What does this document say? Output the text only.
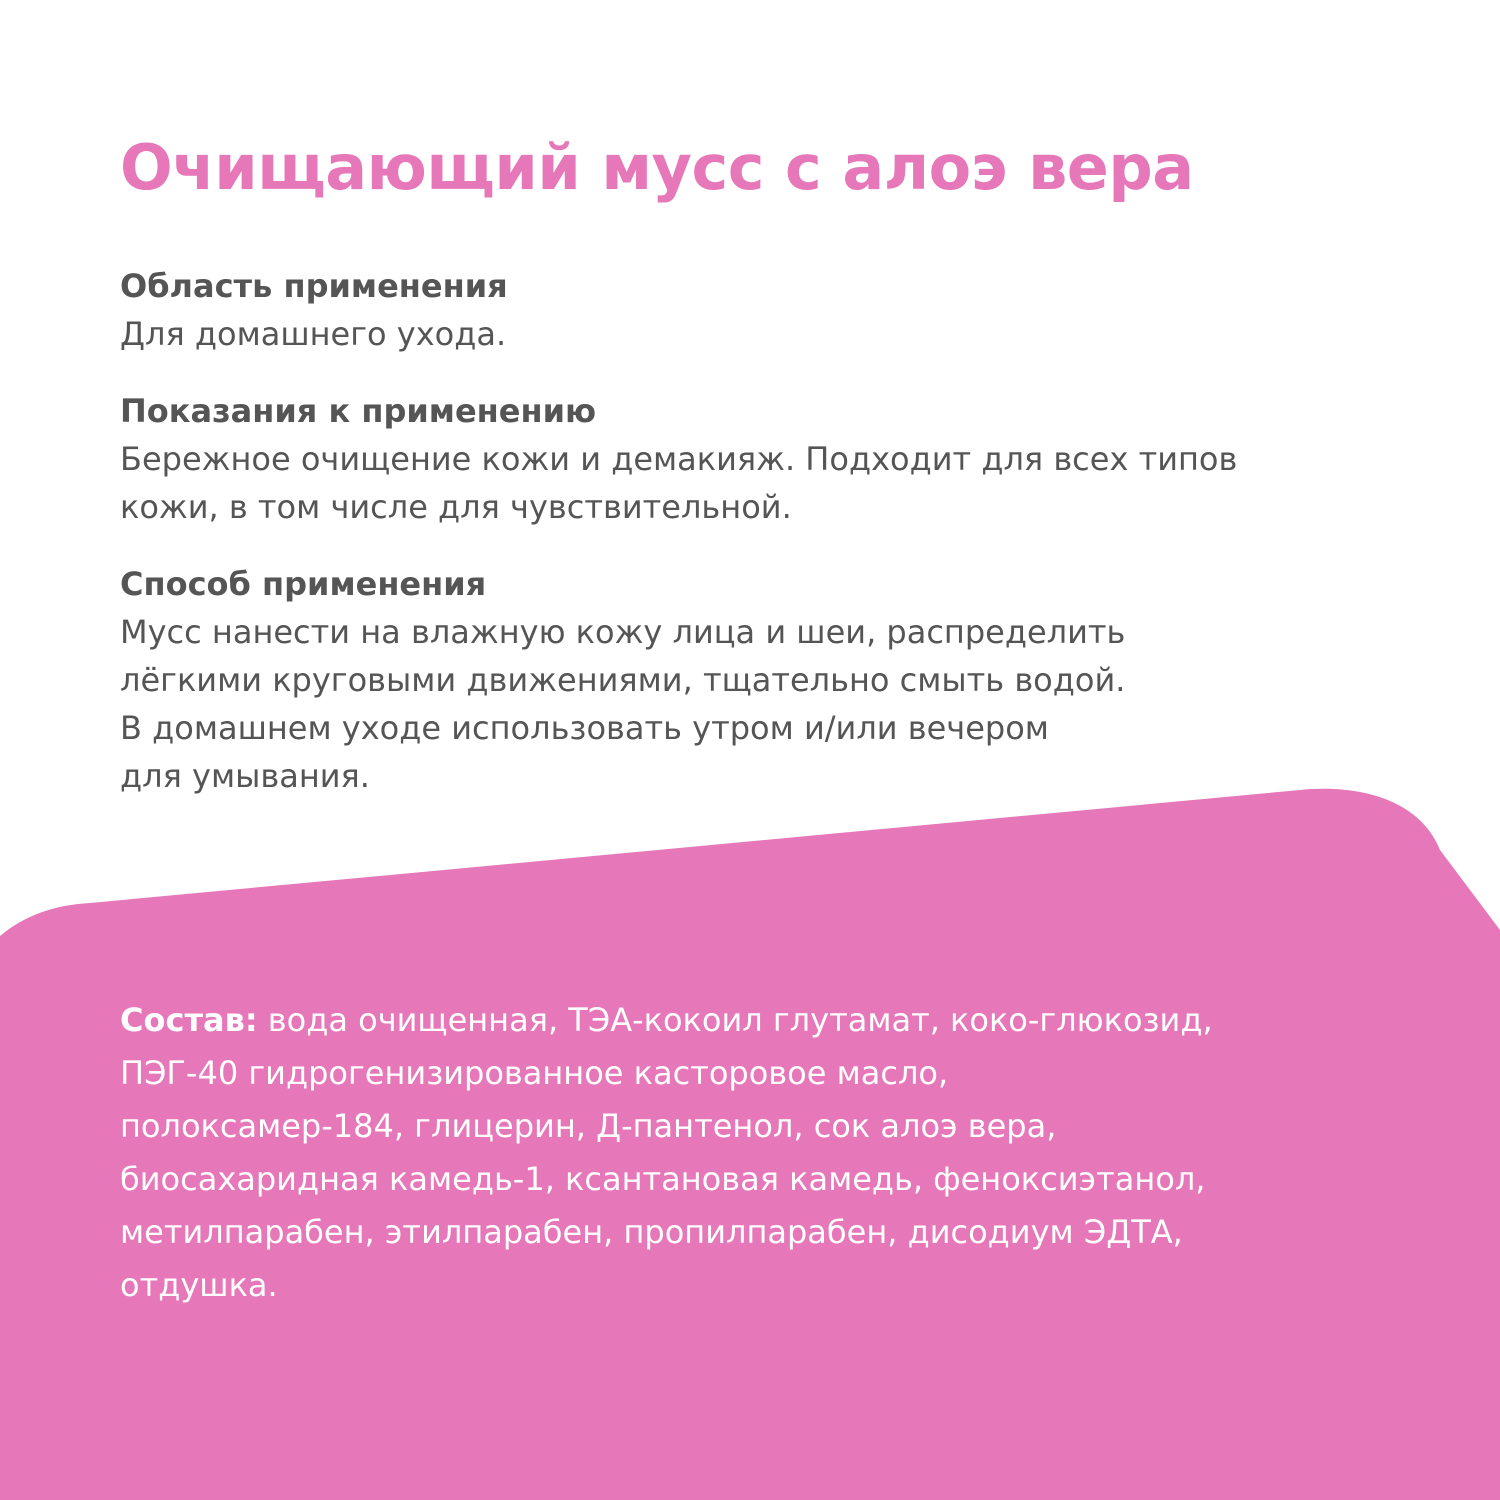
Очищающий мусс с алоэ вера

Область применения

Для домашнего ухода.

Показания к применению

Бережное очищение кожи и демакияж. Подходит для всех типов
кожи, в том числе для чувствительной.

Способ применения

Мусс нанести на влажную кожу лица и шеи, распределить
лёгкими круговыми движениями, тщательно смыть водой.
В домашнем уходе использовать утром и/или вечером
для умывания.

Состав: вода очищенная, ТЭА-кокоил глутамат, коко-глюкозид,
ПЭГ-40 гидрогенизированное касторовое масло,
полоксамер-184, глицерин, Д-пантенол, сок алоэ вера,
биосахаридная камедь-1, ксантановая камедь, феноксиэтанол,
метилпарабен, этилпарабен, пропилпарабен, дисодиум ЭДТА,
отдушка.
